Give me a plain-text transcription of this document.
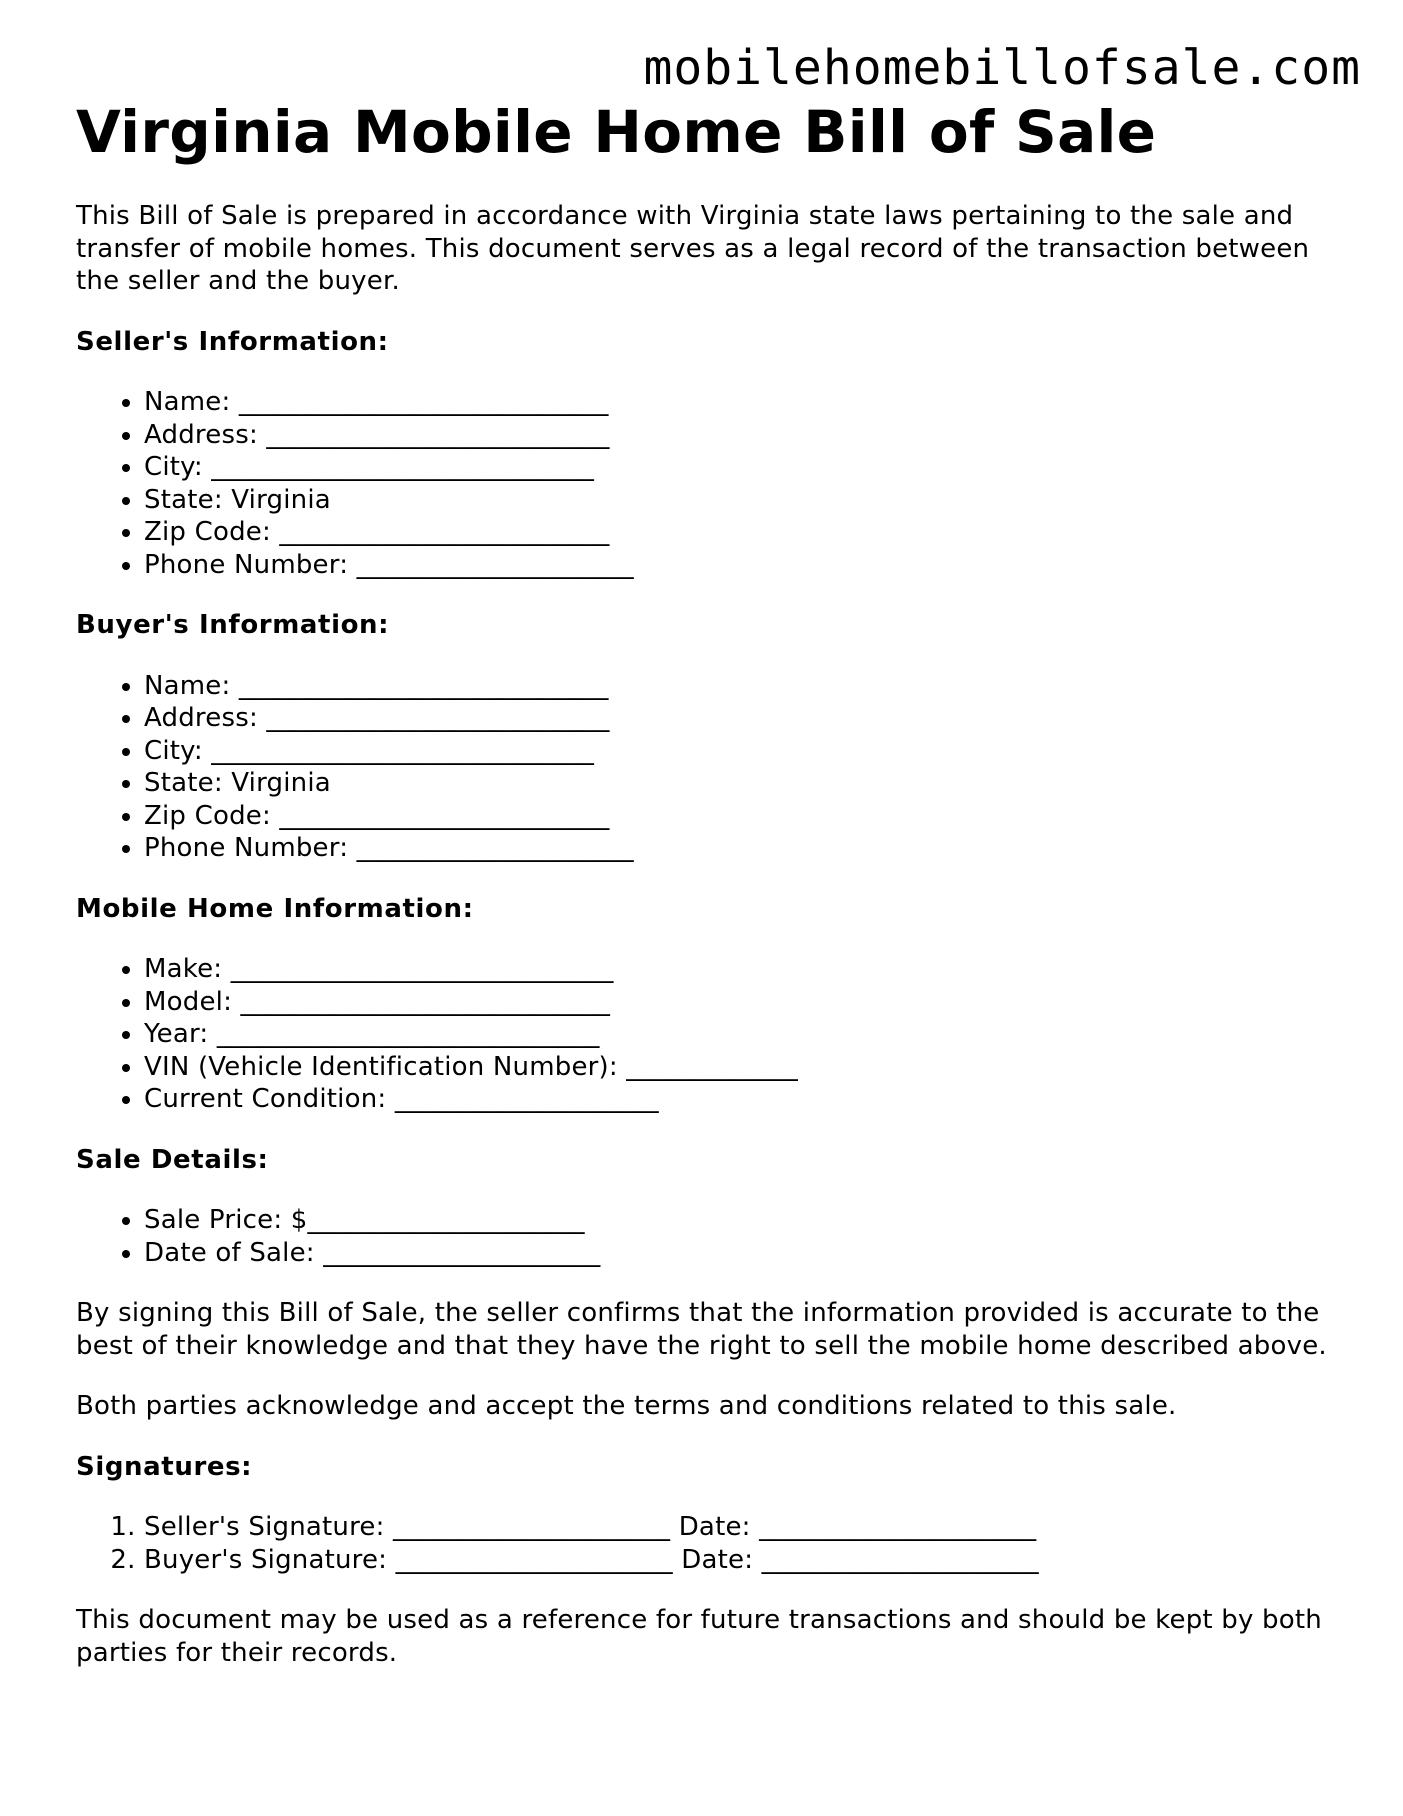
mobilehomebillofsale.com
Virginia Mobile Home Bill of Sale

This Bill of Sale is prepared in accordance with Virginia state laws pertaining to the sale and transfer of mobile homes. This document serves as a legal record of the transaction between the seller and the buyer.

Seller's Information:
• Name: ____________________________
• Address: __________________________
• City: _____________________________
• State: Virginia
• Zip Code: _________________________
• Phone Number: _____________________
Buyer's Information:
• Name: ____________________________
• Address: __________________________
• City: _____________________________
• State: Virginia
• Zip Code: _________________________
• Phone Number: _____________________
Mobile Home Information:
• Make: _____________________________
• Model: ____________________________
• Year: _____________________________
• VIN (Vehicle Identification Number): _____________
• Current Condition: ____________________
Sale Details:
• Sale Price: $_____________________
• Date of Sale: _____________________

By signing this Bill of Sale, the seller confirms that the information provided is accurate to the best of their knowledge and that they have the right to sell the mobile home described above.

Both parties acknowledge and accept the terms and conditions related to this sale.

Signatures:
1. Seller's Signature: _____________________ Date: _____________________
2. Buyer's Signature: _____________________ Date: _____________________

This document may be used as a reference for future transactions and should be kept by both parties for their records.
